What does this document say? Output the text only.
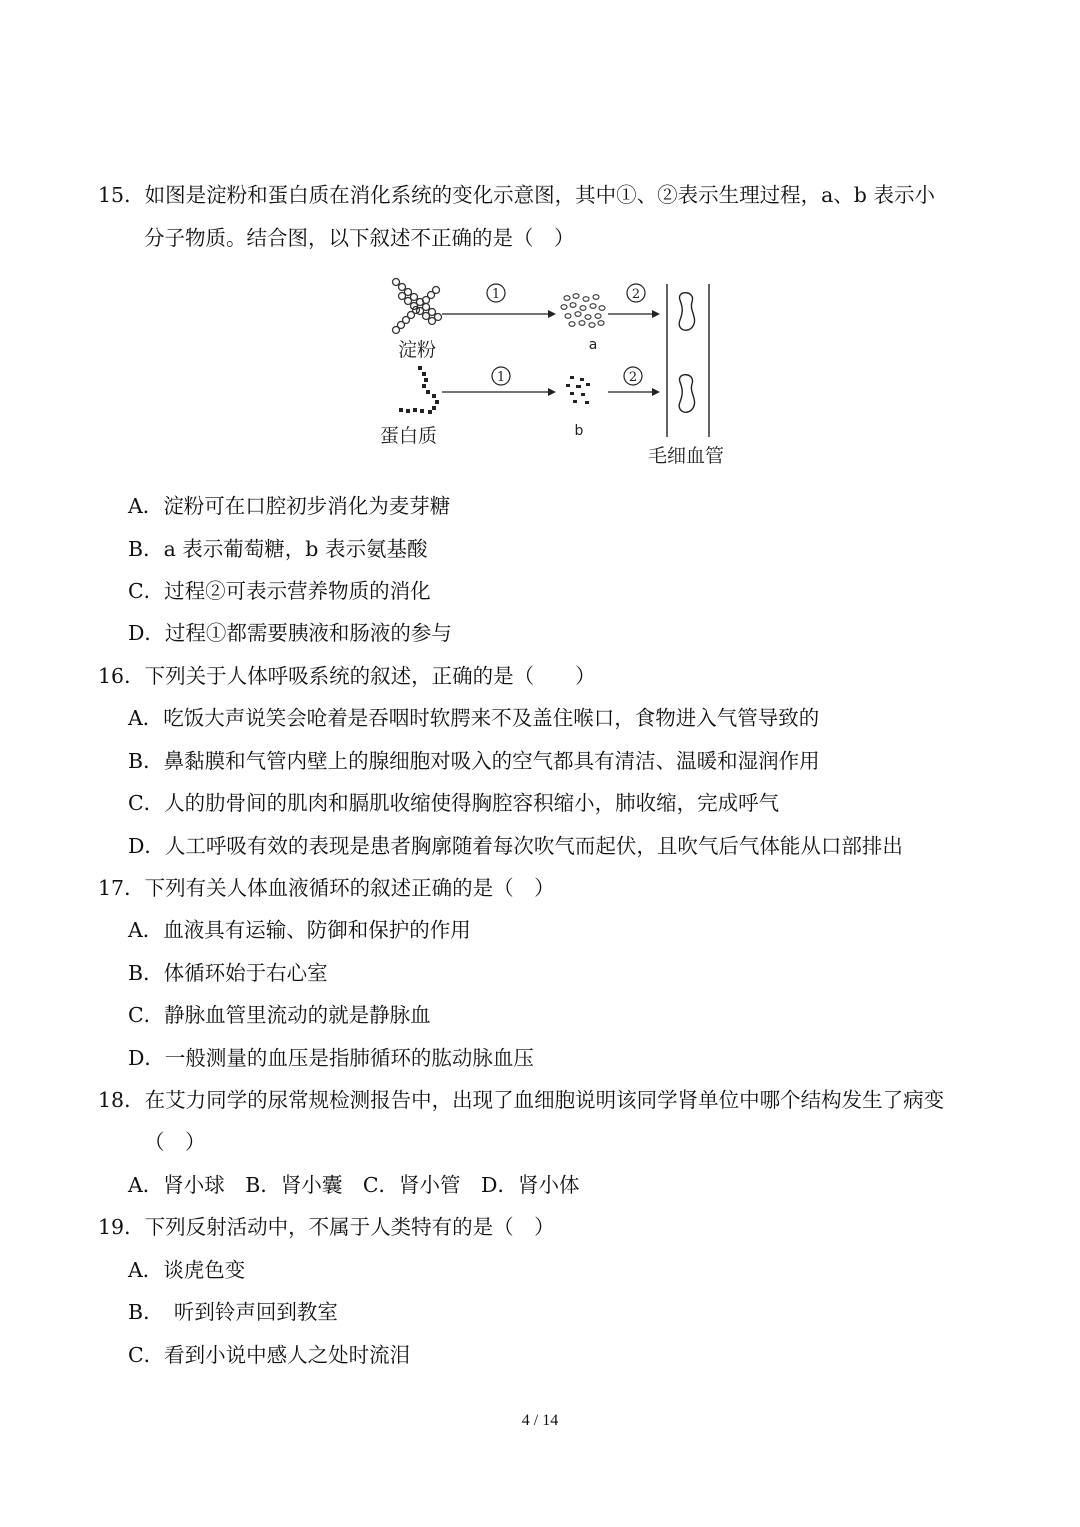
15．如图是淀粉和蛋白质在消化系统的变化示意图，其中①、②表示生理过程，a、b 表示小
分子物质。结合图，以下叙述不正确的是（　）
淀粉
1
a
2
蛋白质
1
b
2
毛细血管
A．淀粉可在口腔初步消化为麦芽糖
B．a 表示葡萄糖，b 表示氨基酸
C．过程②可表示营养物质的消化
D．过程①都需要胰液和肠液的参与
16．下列关于人体呼吸系统的叙述，正确的是（　　）
A．吃饭大声说笑会呛着是吞咽时软腭来不及盖住喉口，食物进入气管导致的
B．鼻黏膜和气管内壁上的腺细胞对吸入的空气都具有清洁、温暖和湿润作用
C．人的肋骨间的肌肉和膈肌收缩使得胸腔容积缩小，肺收缩，完成呼气
D．人工呼吸有效的表现是患者胸廓随着每次吹气而起伏，且吹气后气体能从口部排出
17．下列有关人体血液循环的叙述正确的是（　）
A．血液具有运输、防御和保护的作用
B．体循环始于右心室
C．静脉血管里流动的就是静脉血
D．一般测量的血压是指肺循环的肱动脉血压
18．在艾力同学的尿常规检测报告中，出现了血细胞说明该同学肾单位中哪个结构发生了病变
（　）
A．肾小球　B．肾小囊　C．肾小管　D．肾小体
19．下列反射活动中，不属于人类特有的是（　）
A．谈虎色变
B．　听到铃声回到教室
C．看到小说中感人之处时流泪
4 / 14
